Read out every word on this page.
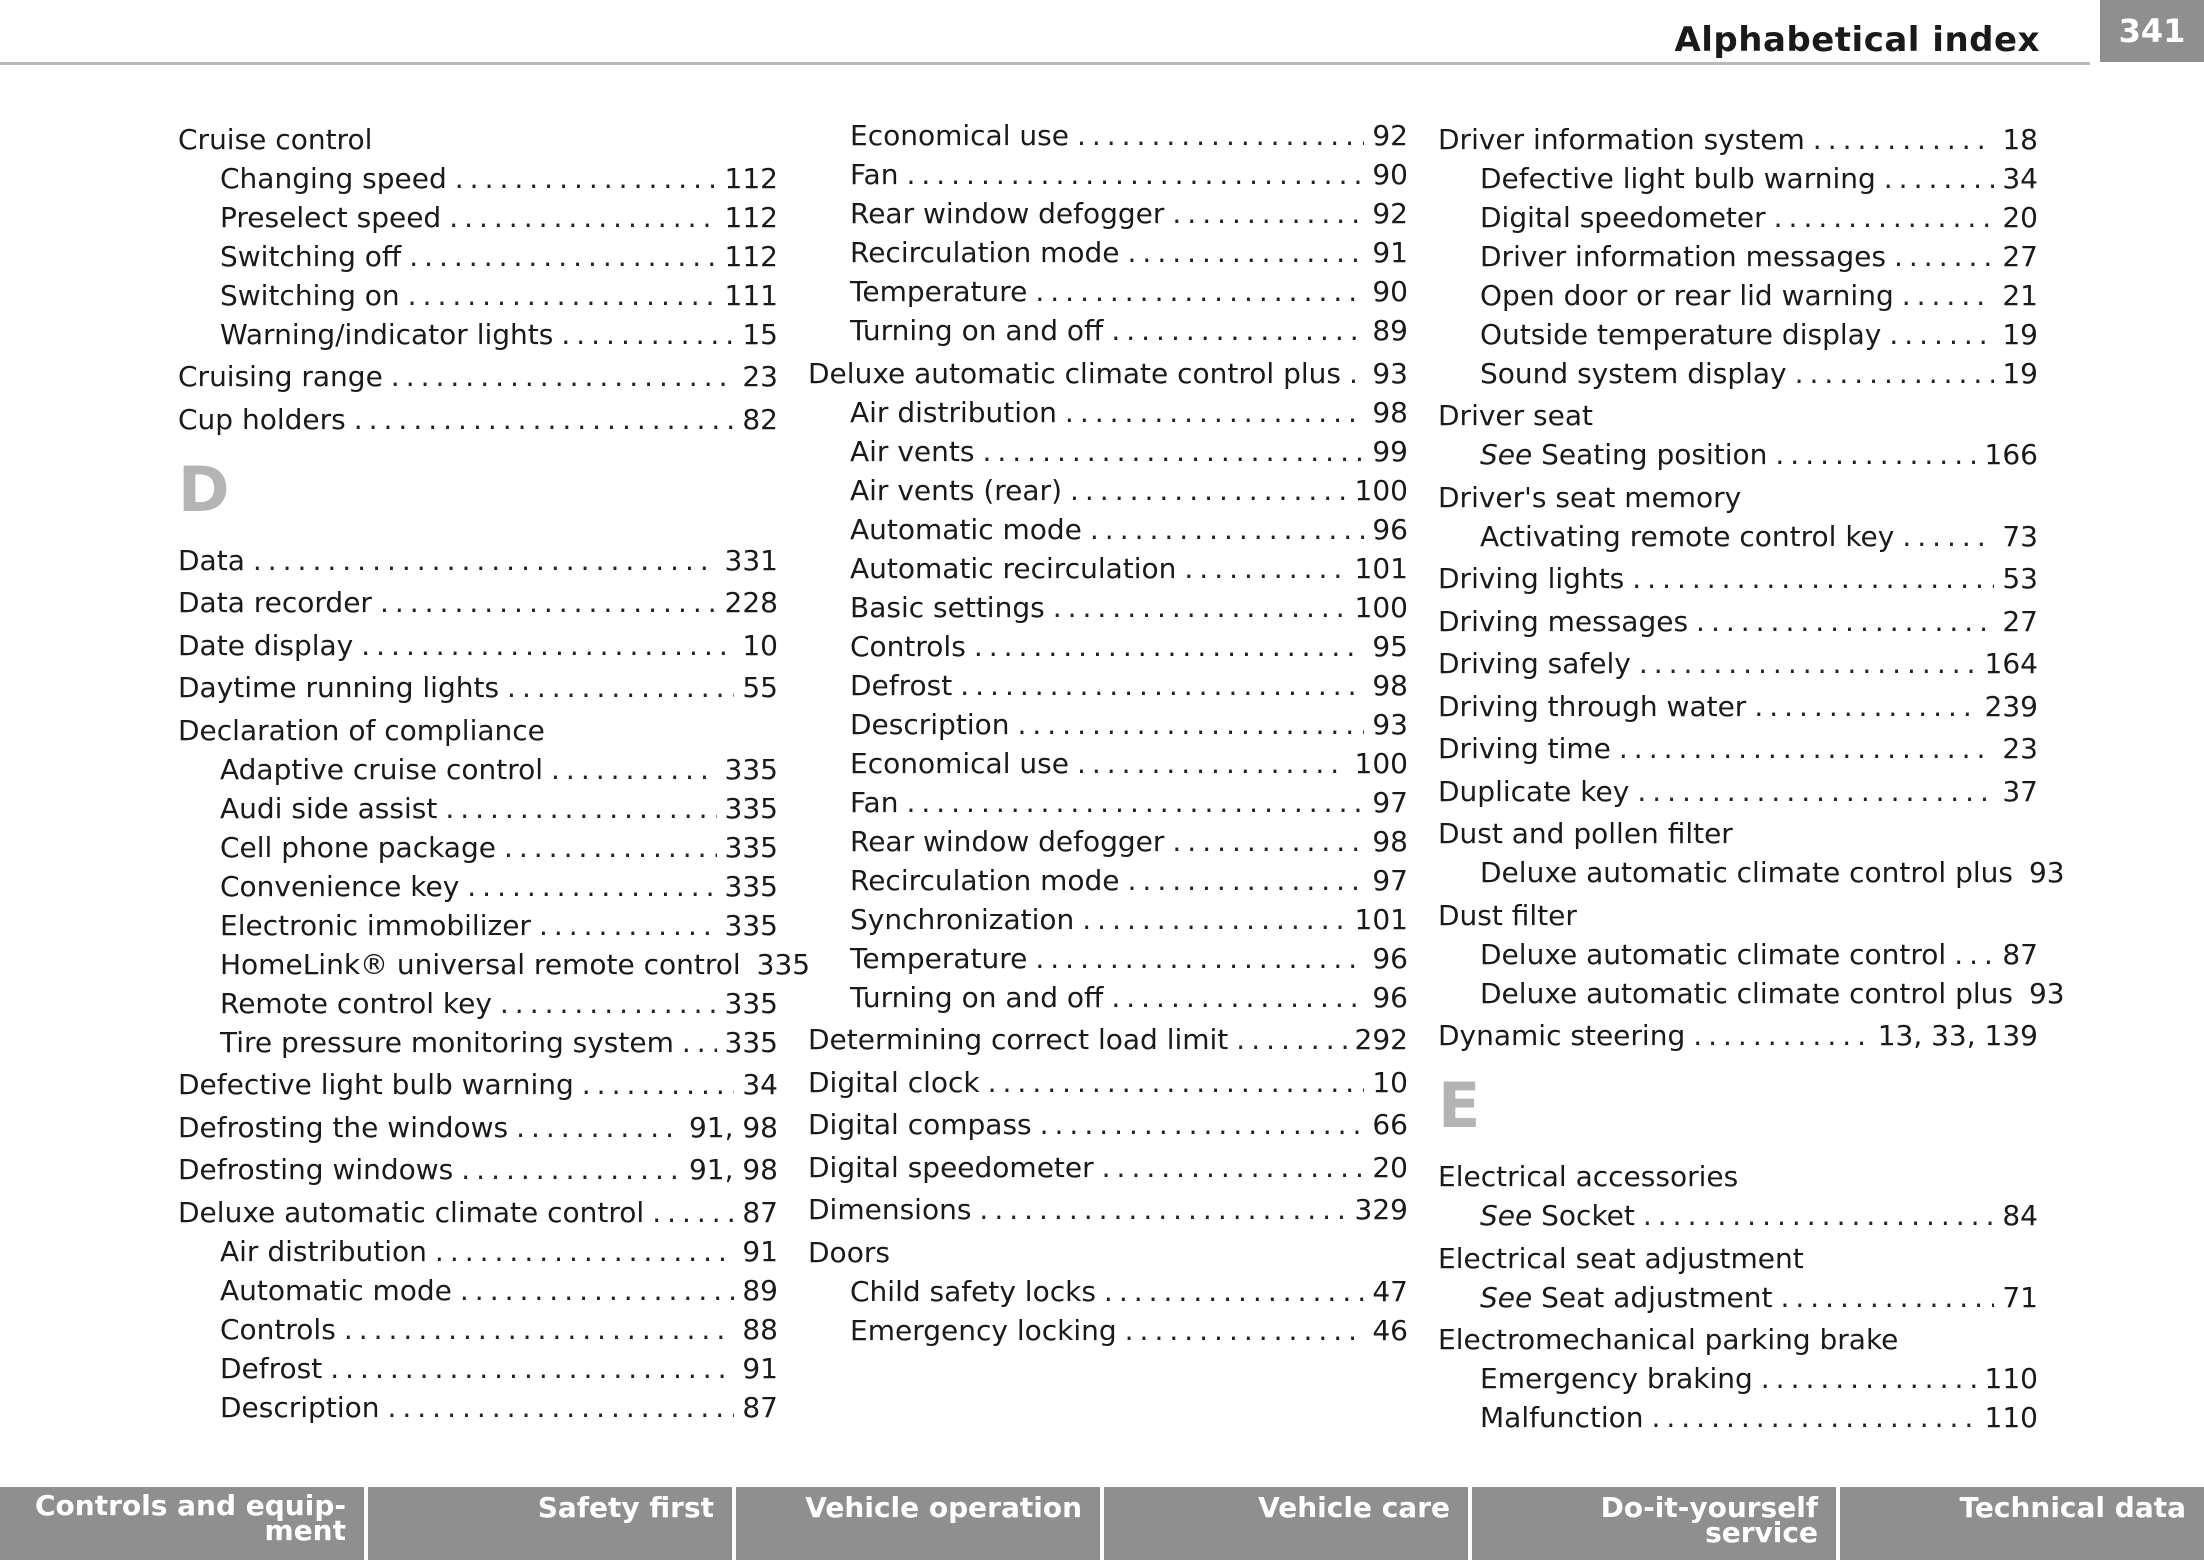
Alphabetical index	341
Cruise control
Changing speed .....	112
Preselect speed .....	112
Switching off .....	112
Switching on .....	111
Warning/indicator lights .....	15
Cruising range .....	23
Cup holders .....	82
D
Data .....	331
Data recorder .....	228
Date display .....	10
Daytime running lights .....	55
Declaration of compliance
Adaptive cruise control .....	335
Audi side assist .....	335
Cell phone package .....	335
Convenience key .....	335
Electronic immobilizer .....	335
HomeLink® universal remote control 335
Remote control key .....	335
Tire pressure monitoring system ..... 335
Defective light bulb warning .....	34
Defrosting the windows .....	91, 98
Defrosting windows .....	91, 98
Deluxe automatic climate control .....	87
Air distribution .....	91
Automatic mode .....	89
Controls .....	88
Defrost .....	91
Description .....	87
Economical use .....	92
Fan .....	90
Rear window defogger .....	92
Recirculation mode .....	91
Temperature .....	90
Turning on and off .....	89
Deluxe automatic climate control plus ..... 93
Air distribution .....	98
Air vents .....	99
Air vents (rear) .....	100
Automatic mode .....	96
Automatic recirculation .....	101
Basic settings .....	100
Controls .....	95
Defrost .....	98
Description .....	93
Economical use .....	100
Fan .....	97
Rear window defogger .....	98
Recirculation mode .....	97
Synchronization .....	101
Temperature .....	96
Turning on and off .....	96
Determining correct load limit .....	292
Digital clock .....	10
Digital compass .....	66
Digital speedometer .....	20
Dimensions .....	329
Doors
Child safety locks .....	47
Emergency locking .....	46
Driver information system .....	18
Defective light bulb warning .....	34
Digital speedometer .....	20
Driver information messages .....	27
Open door or rear lid warning .....	21
Outside temperature display .....	19
Sound system display .....	19
Driver seat
See Seating position .....	166
Driver's seat memory
Activating remote control key .....	73
Driving lights .....	53
Driving messages .....	27
Driving safely .....	164
Driving through water .....	239
Driving time .....	23
Duplicate key .....	37
Dust and pollen filter
Deluxe automatic climate control plus 93
Dust filter
Deluxe automatic climate control ..... 87
Deluxe automatic climate control plus 93
Dynamic steering .....	13, 33, 139
E
Electrical accessories
See Socket .....	84
Electrical seat adjustment
See Seat adjustment .....	71
Electromechanical parking brake
Emergency braking .....	110
Malfunction .....	110
Controls and equip-
ment
Safety first	Vehicle operation	Vehicle care	Do-it-yourself service
Technical data
